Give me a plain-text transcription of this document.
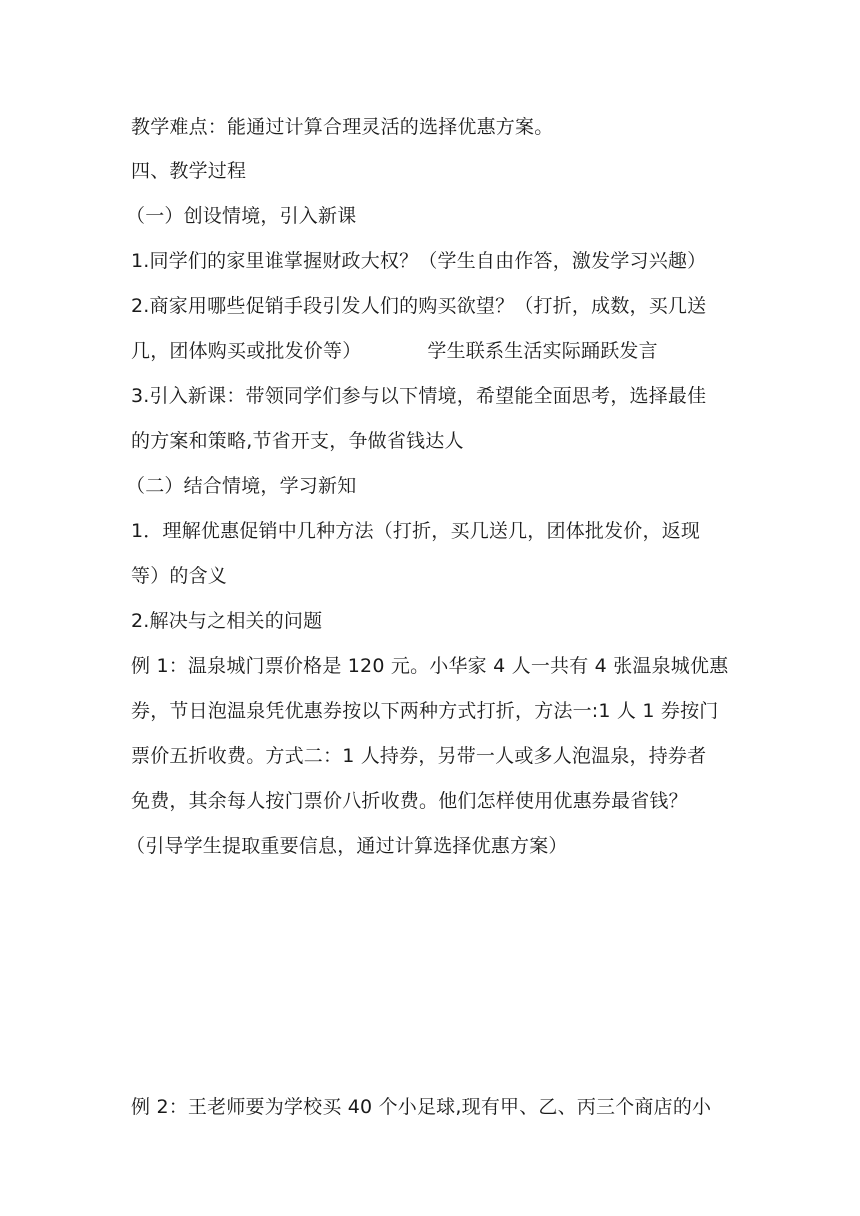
教学难点：能通过计算合理灵活的选择优惠方案。
四、教学过程
（一）创设情境，引入新课
1.同学们的家里谁掌握财政大权？（学生自由作答，激发学习兴趣）
2.商家用哪些促销手段引发人们的购买欲望？（打折，成数，买几送
几，团体购买或批发价等）	学生联系生活实际踊跃发言
3.引入新课：带领同学们参与以下情境，希望能全面思考，选择最佳
的方案和策略,节省开支，争做省钱达人
（二）结合情境，学习新知
1．理解优惠促销中几种方法（打折，买几送几，团体批发价，返现
等）的含义
2.解决与之相关的问题
例 1：温泉城门票价格是 120 元。小华家 4 人一共有 4 张温泉城优惠
券，节日泡温泉凭优惠券按以下两种方式打折，方法一:1 人 1 券按门
票价五折收费。方式二：1 人持券，另带一人或多人泡温泉，持券者
免费，其余每人按门票价八折收费。他们怎样使用优惠券最省钱？
（引导学生提取重要信息，通过计算选择优惠方案）
例 2：王老师要为学校买 40 个小足球,现有甲、乙、丙三个商店的小
